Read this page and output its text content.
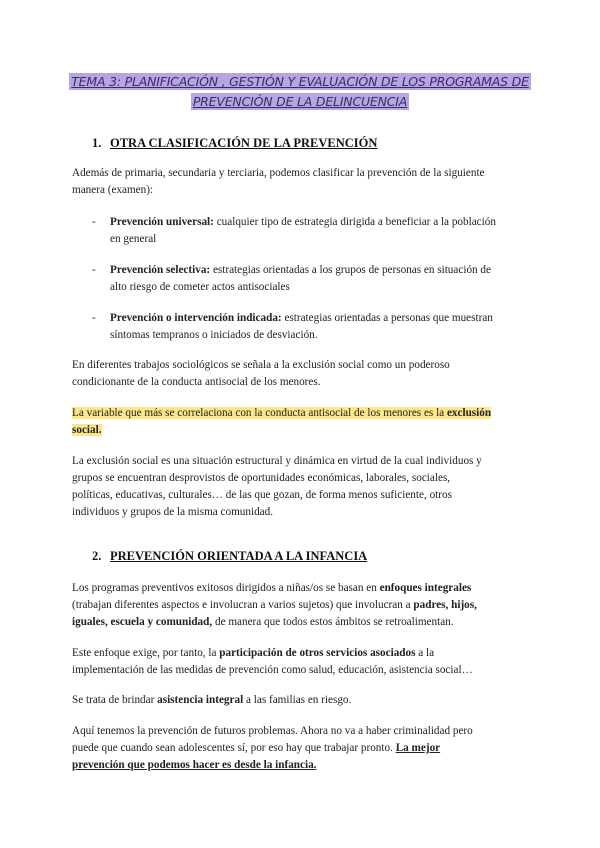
TEMA 3: PLANIFICACIÓN , GESTIÓN Y EVALUACIÓN DE LOS PROGRAMAS DE
PREVENCIÓN DE LA DELINCUENCIA
1. OTRA CLASIFICACIÓN DE LA PREVENCIÓN
Además de primaria, secundaria y terciaria, podemos clasificar la prevención de la siguiente
manera (examen):
- Prevención universal: cualquier tipo de estrategia dirigida a beneficiar a la población
en general
- Prevención selectiva: estrategias orientadas a los grupos de personas en situación de
alto riesgo de cometer actos antisociales
- Prevención o intervención indicada: estrategias orientadas a personas que muestran
síntomas tempranos o iniciados de desviación.
En diferentes trabajos sociológicos se señala a la exclusión social como un poderoso
condicionante de la conducta antisocial de los menores.
La variable que más se correlaciona con la conducta antisocial de los menores es la exclusión
social.
La exclusión social es una situación estructural y dinámica en virtud de la cual individuos y
grupos se encuentran desprovistos de oportunidades económicas, laborales, sociales,
políticas, educativas, culturales… de las que gozan, de forma menos suficiente, otros
individuos y grupos de la misma comunidad.
2. PREVENCIÓN ORIENTADA A LA INFANCIA
Los programas preventivos exitosos dirigidos a niñas/os se basan en enfoques integrales
(trabajan diferentes aspectos e involucran a varios sujetos) que involucran a padres, hijos,
iguales, escuela y comunidad, de manera que todos estos ámbitos se retroalimentan.
Este enfoque exige, por tanto, la participación de otros servicios asociados a la
implementación de las medidas de prevención como salud, educación, asistencia social…
Se trata de brindar asistencia integral a las familias en riesgo.
Aquí tenemos la prevención de futuros problemas. Ahora no va a haber criminalidad pero
puede que cuando sean adolescentes sí, por eso hay que trabajar pronto. La mejor
prevención que podemos hacer es desde la infancia.
